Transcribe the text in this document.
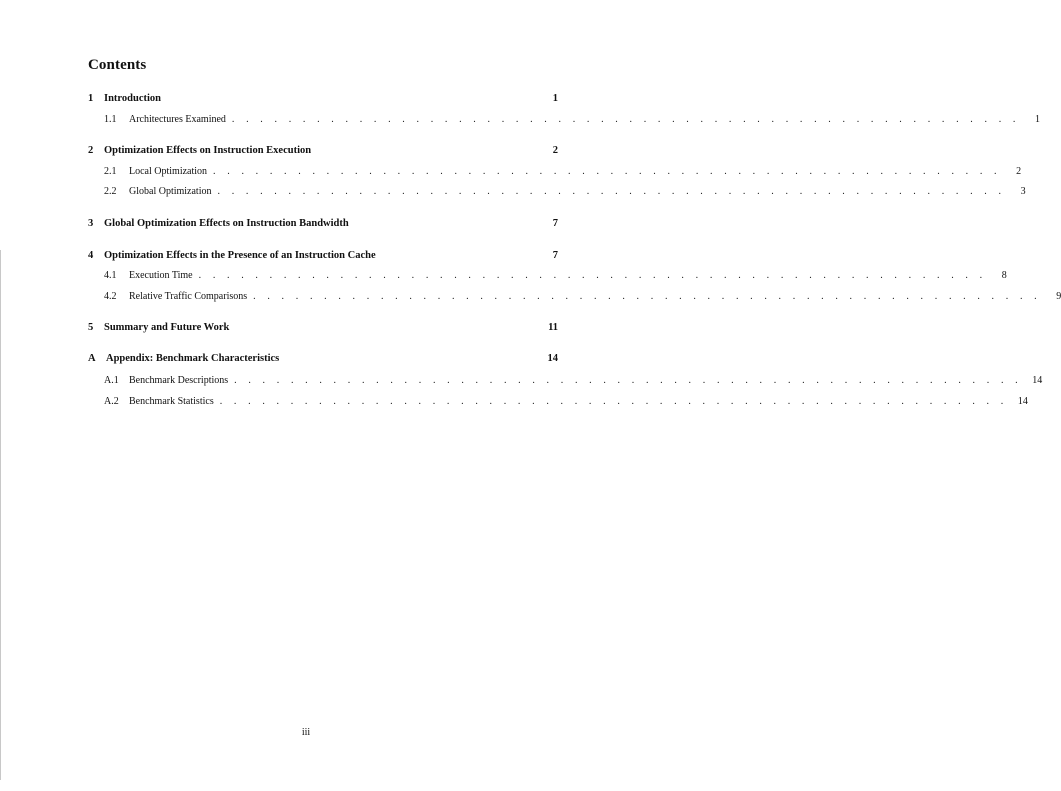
Contents
1	Introduction	1
1.1	Architectures Examined . . . . . . . . . . . . . . . . . . . . . . . . . . . . . . . . . . . . . . . . . . . . . . . . . . . . . . . .	1
2	Optimization Effects on Instruction Execution	2
2.1	Local Optimization . . . . . . . . . . . . . . . . . . . . . . . . . . . . . . . . . . . . . . . . . . . . . . . . . . . . . . . .	2
2.2	Global Optimization . . . . . . . . . . . . . . . . . . . . . . . . . . . . . . . . . . . . . . . . . . . . . . . . . . . . . . . .	3
3	Global Optimization Effects on Instruction Bandwidth	7
4	Optimization Effects in the Presence of an Instruction Cache	7
4.1	Execution Time . . . . . . . . . . . . . . . . . . . . . . . . . . . . . . . . . . . . . . . . . . . . . . . . . . . . . . . .	8
4.2	Relative Traffic Comparisons . . . . . . . . . . . . . . . . . . . . . . . . . . . . . . . . . . . . . . . . . . . . . . . . . . . . . . . .	9
5	Summary and Future Work	11
A Appendix: Benchmark Characteristics	14
A.1	Benchmark Descriptions . . . . . . . . . . . . . . . . . . . . . . . . . . . . . . . . . . . . . . . . . . . . . . . . . . . . . . . .	14
A.2	Benchmark Statistics . . . . . . . . . . . . . . . . . . . . . . . . . . . . . . . . . . . . . . . . . . . . . . . . . . . . . . . .	14
iii
